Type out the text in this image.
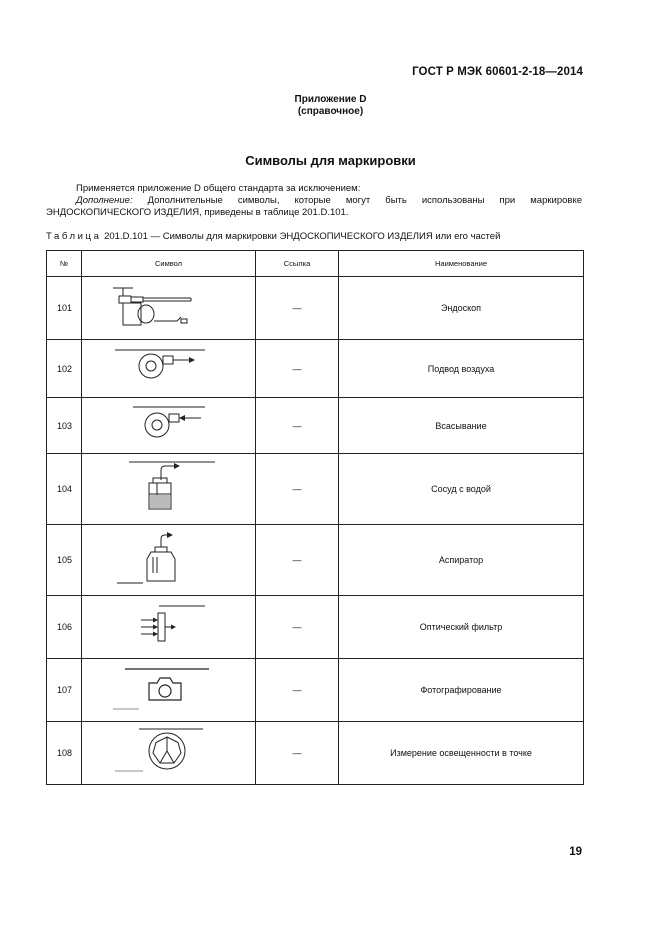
ГОСТ Р МЭК 60601-2-18—2014
Приложение D
(справочное)
Символы для маркировки
Применяется приложение D общего стандарта за исключением:
Дополнение: Дополнительные символы, которые могут быть использованы при маркировке
ЭНДОСКОПИЧЕСКОГО ИЗДЕЛИЯ, приведены в таблице 201.D.101.
Таблица 201.D.101 — Символы для маркировки ЭНДОСКОПИЧЕСКОГО ИЗДЕЛИЯ или его частей
№	Символ	Ссылка	Наименование
101		—	Эндоскоп
102		—	Подвод воздуха
103		—	Всасывание
104		—	Сосуд с водой
105		—	Аспиратор
106		—	Оптический фильтр
107		—	Фотографирование
108		—	Измерение освещенности в точке
19
